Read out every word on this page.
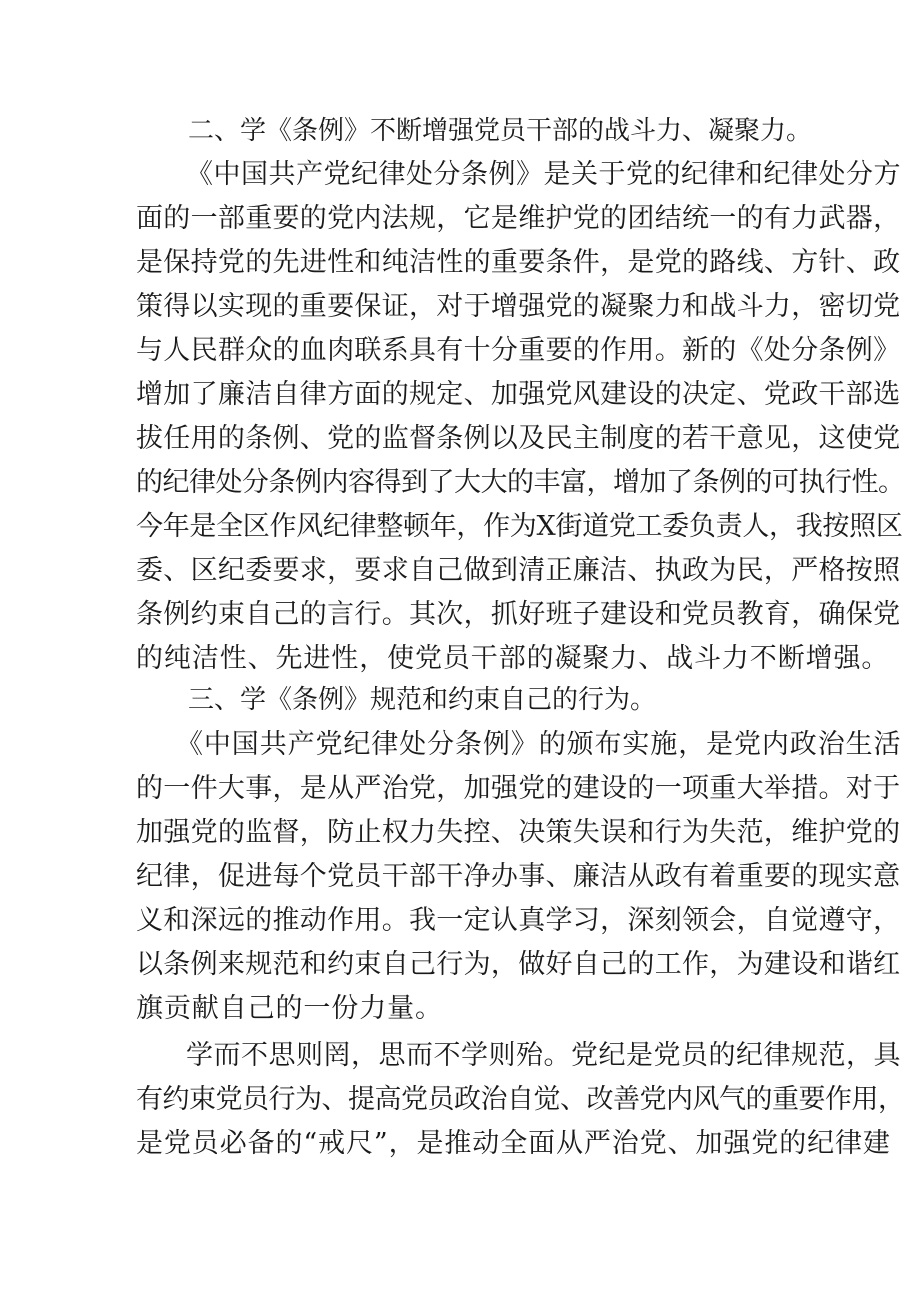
二、学《条例》不断增强党员干部的战斗力、凝聚力。
《中国共产党纪律处分条例》是关于党的纪律和纪律处分方
面的一部重要的党内法规，它是维护党的团结统一的有力武器，
是保持党的先进性和纯洁性的重要条件，是党的路线、方针、政
策得以实现的重要保证，对于增强党的凝聚力和战斗力，密切党
与人民群众的血肉联系具有十分重要的作用。新的《处分条例》
增加了廉洁自律方面的规定、加强党风建设的决定、党政干部选
拔任用的条例、党的监督条例以及民主制度的若干意见，这使党
的纪律处分条例内容得到了大大的丰富，增加了条例的可执行性。
今年是全区作风纪律整顿年，作为X街道党工委负责人，我按照区
委、区纪委要求，要求自己做到清正廉洁、执政为民，严格按照
条例约束自己的言行。其次，抓好班子建设和党员教育，确保党
的纯洁性、先进性，使党员干部的凝聚力、战斗力不断增强。
三、学《条例》规范和约束自己的行为。
《中国共产党纪律处分条例》的颁布实施，是党内政治生活
的一件大事，是从严治党，加强党的建设的一项重大举措。对于
加强党的监督，防止权力失控、决策失误和行为失范，维护党的
纪律，促进每个党员干部干净办事、廉洁从政有着重要的现实意
义和深远的推动作用。我一定认真学习，深刻领会，自觉遵守，
以条例来规范和约束自己行为，做好自己的工作，为建设和谐红
旗贡献自己的一份力量。
学而不思则罔，思而不学则殆。党纪是党员的纪律规范，具
有约束党员行为、提高党员政治自觉、改善党内风气的重要作用，
是党员必备的“戒尺”，是推动全面从严治党、加强党的纪律建
